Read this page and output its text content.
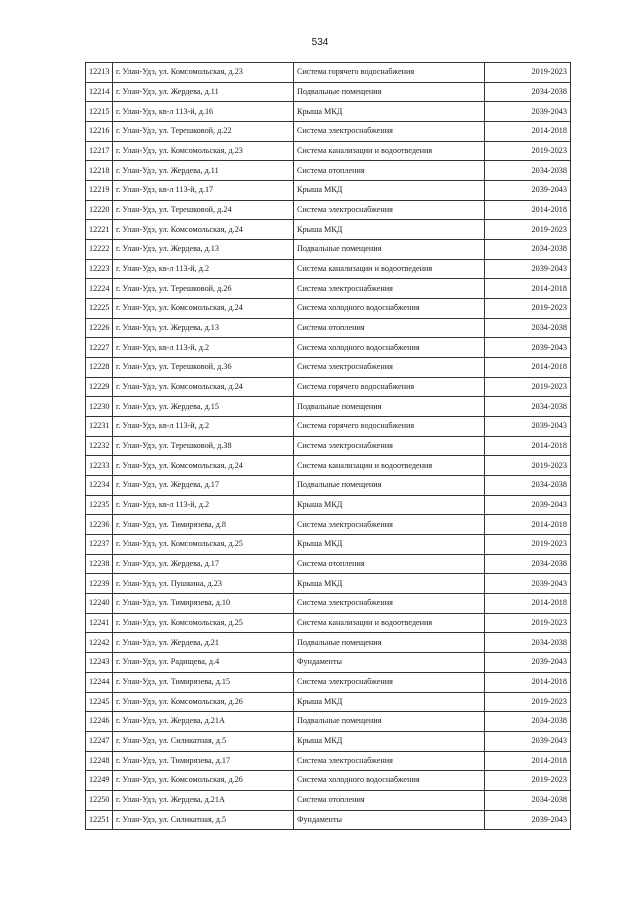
534
12213	г. Улан-Удэ, ул. Комсомольская, д.23	Система горячего водоснабжения	2019-2023
12214	г. Улан-Удэ, ул. Жердева, д.11	Подвальные помещения	2034-2038
12215	г. Улан-Удэ, кв-л 113-й, д.16	Крыша МКД	2039-2043
12216	г. Улан-Удэ, ул. Терешковой, д.22	Система электроснабжения	2014-2018
12217	г. Улан-Удэ, ул. Комсомольская, д.23	Система канализации и водоотведения	2019-2023
12218	г. Улан-Удэ, ул. Жердева, д.11	Система отопления	2034-2038
12219	г. Улан-Удэ, кв-л 113-й, д.17	Крыша МКД	2039-2043
12220	г. Улан-Удэ, ул. Терешковой, д.24	Система электроснабжения	2014-2018
12221	г. Улан-Удэ, ул. Комсомольская, д.24	Крыша МКД	2019-2023
12222	г. Улан-Удэ, ул. Жердева, д.13	Подвальные помещения	2034-2038
12223	г. Улан-Удэ, кв-л 113-й, д.2	Система канализации и водоотведения	2039-2043
12224	г. Улан-Удэ, ул. Терешковой, д.26	Система электроснабжения	2014-2018
12225	г. Улан-Удэ, ул. Комсомольская, д.24	Система холодного водоснабжения	2019-2023
12226	г. Улан-Удэ, ул. Жердева, д.13	Система отопления	2034-2038
12227	г. Улан-Удэ, кв-л 113-й, д.2	Система холодного водоснабжения	2039-2043
12228	г. Улан-Удэ, ул. Терешковой, д.36	Система электроснабжения	2014-2018
12229	г. Улан-Удэ, ул. Комсомольская, д.24	Система горячего водоснабжения	2019-2023
12230	г. Улан-Удэ, ул. Жердева, д.15	Подвальные помещения	2034-2038
12231	г. Улан-Удэ, кв-л 113-й, д.2	Система горячего водоснабжения	2039-2043
12232	г. Улан-Удэ, ул. Терешковой, д.38	Система электроснабжения	2014-2018
12233	г. Улан-Удэ, ул. Комсомольская, д.24	Система канализации и водоотведения	2019-2023
12234	г. Улан-Удэ, ул. Жердева, д.17	Подвальные помещения	2034-2038
12235	г. Улан-Удэ, кв-л 113-й, д.2	Крыша МКД	2039-2043
12236	г. Улан-Удэ, ул. Тимирязева, д.8	Система электроснабжения	2014-2018
12237	г. Улан-Удэ, ул. Комсомольская, д.25	Крыша МКД	2019-2023
12238	г. Улан-Удэ, ул. Жердева, д.17	Система отопления	2034-2038
12239	г. Улан-Удэ, ул. Пушкина, д.23	Крыша МКД	2039-2043
12240	г. Улан-Удэ, ул. Тимирязева, д.10	Система электроснабжения	2014-2018
12241	г. Улан-Удэ, ул. Комсомольская, д.25	Система канализации и водоотведения	2019-2023
12242	г. Улан-Удэ, ул. Жердева, д.21	Подвальные помещения	2034-2038
12243	г. Улан-Удэ, ул. Радищева, д.4	Фундаменты	2039-2043
12244	г. Улан-Удэ, ул. Тимирязева, д.15	Система электроснабжения	2014-2018
12245	г. Улан-Удэ, ул. Комсомольская, д.26	Крыша МКД	2019-2023
12246	г. Улан-Удэ, ул. Жердева, д.21А	Подвальные помещения	2034-2038
12247	г. Улан-Удэ, ул. Силикатная, д.5	Крыша МКД	2039-2043
12248	г. Улан-Удэ, ул. Тимирязева, д.17	Система электроснабжения	2014-2018
12249	г. Улан-Удэ, ул. Комсомольская, д.26	Система холодного водоснабжения	2019-2023
12250	г. Улан-Удэ, ул. Жердева, д.21А	Система отопления	2034-2038
12251	г. Улан-Удэ, ул. Силикатная, д.5	Фундаменты	2039-2043
